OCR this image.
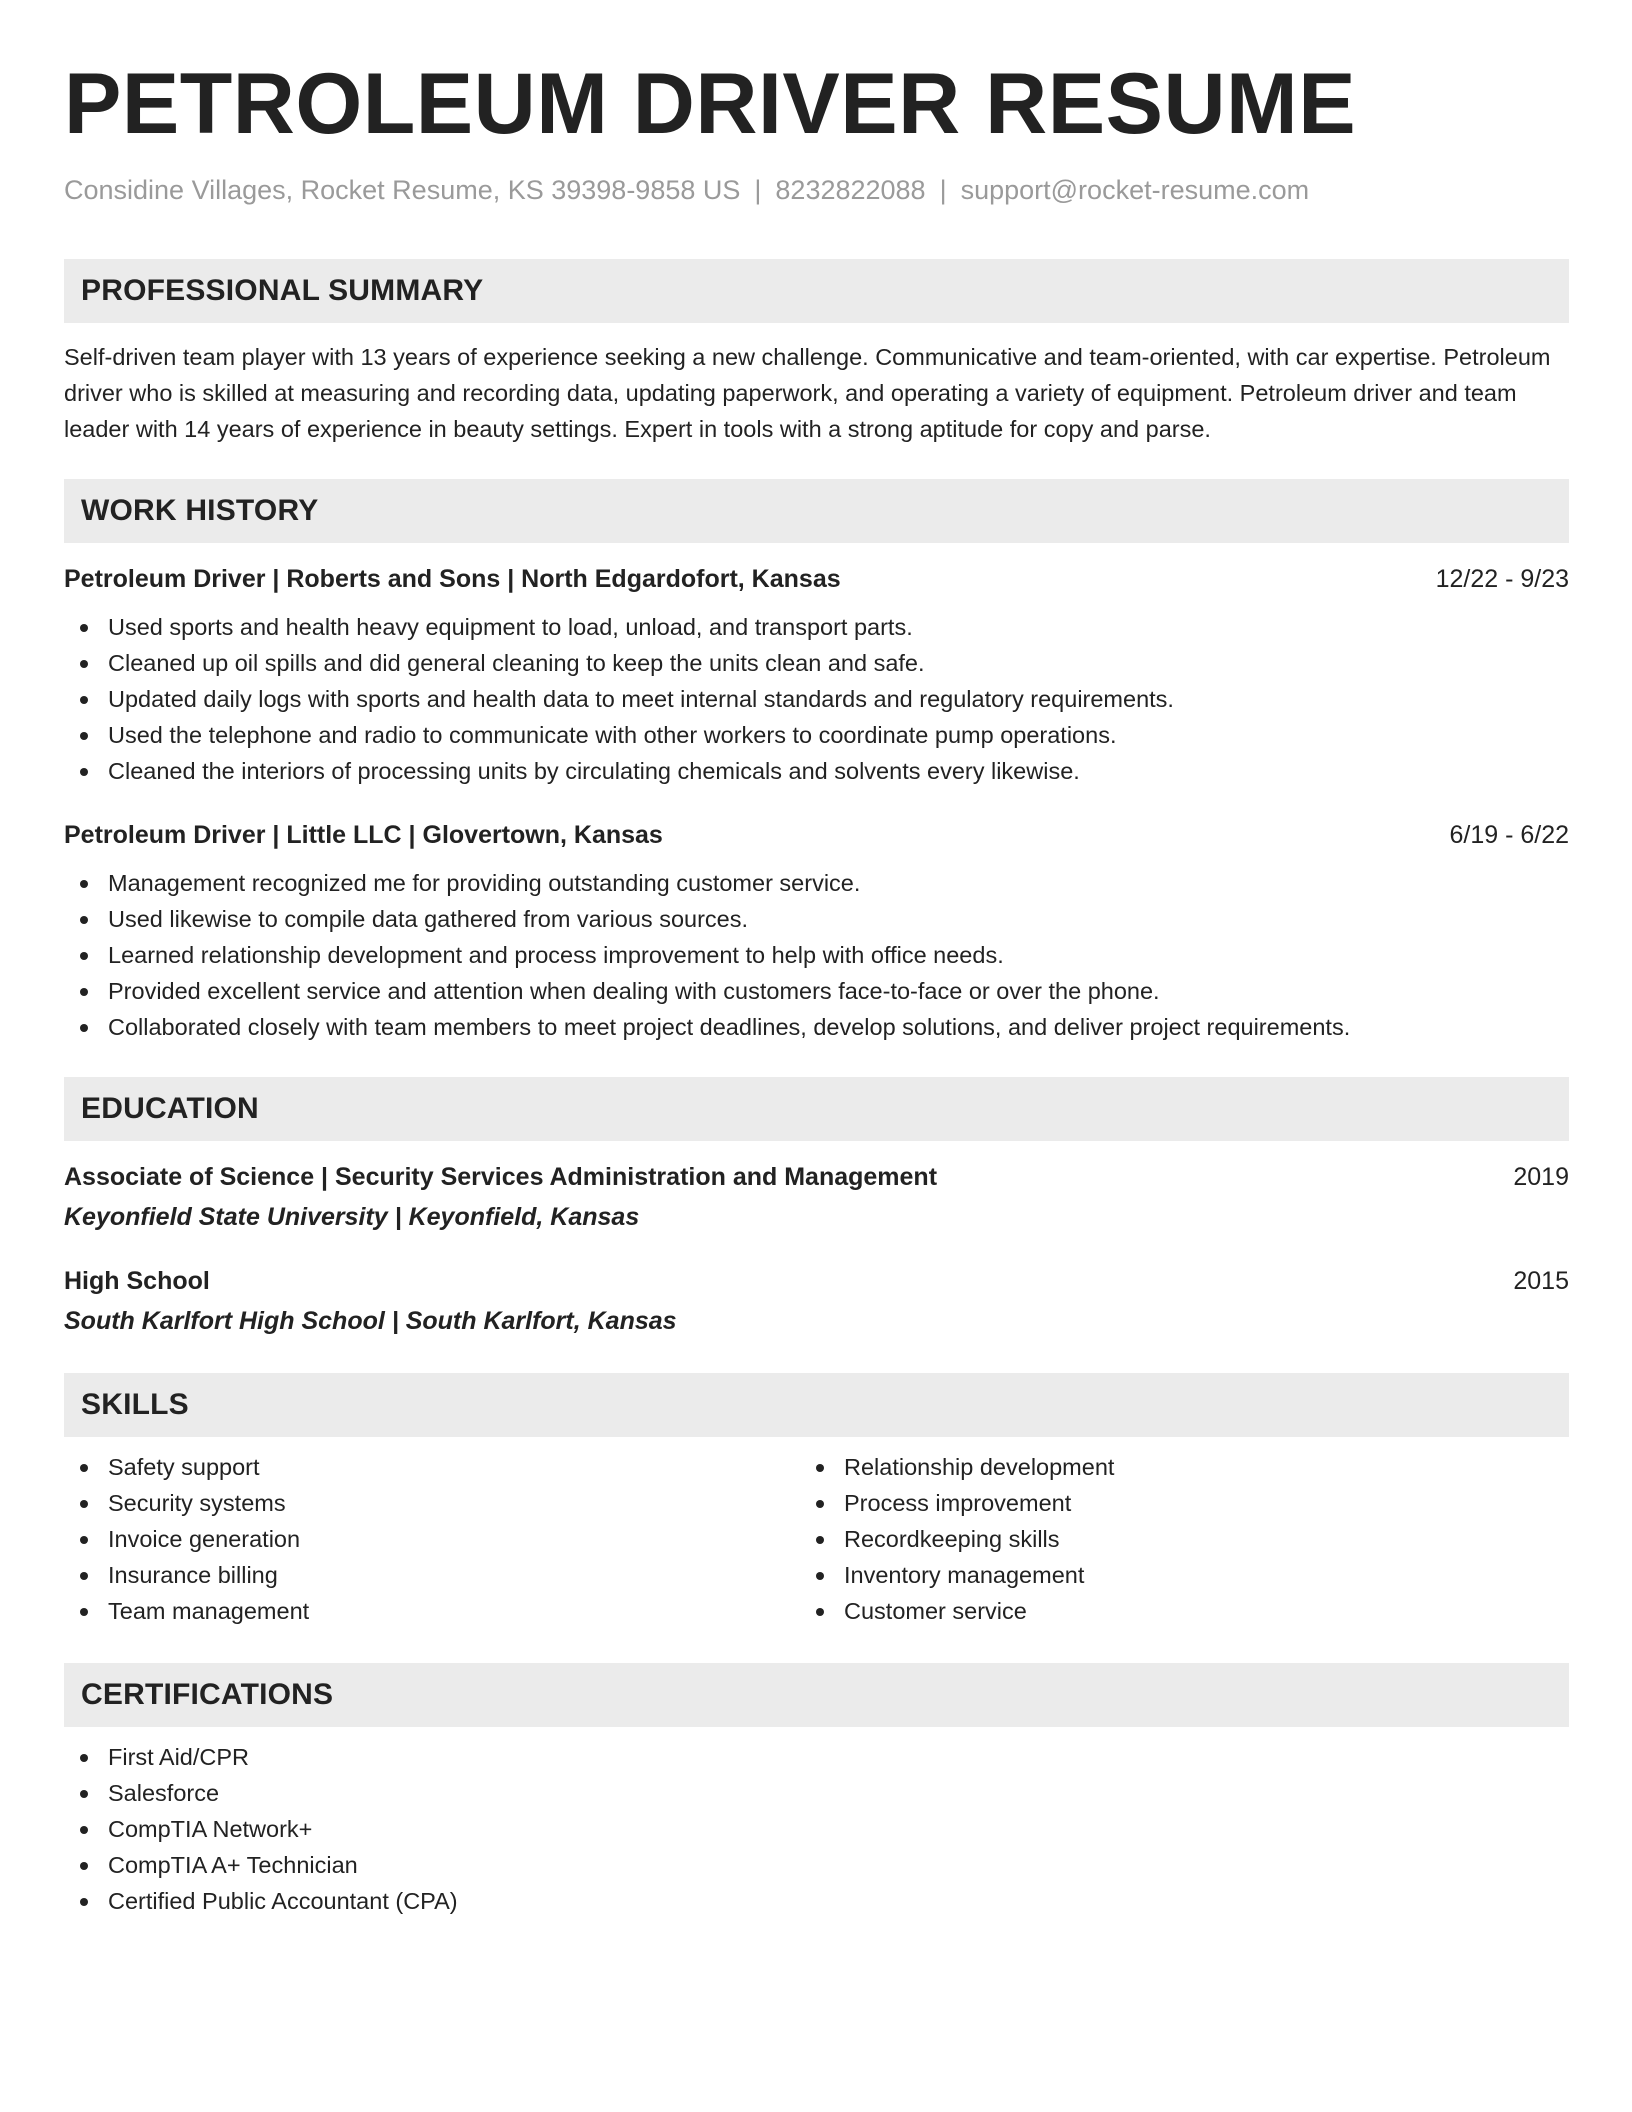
PETROLEUM DRIVER RESUME
Considine Villages, Rocket Resume, KS 39398-9858 US | 8232822088 | support@rocket-resume.com
PROFESSIONAL SUMMARY
Self-driven team player with 13 years of experience seeking a new challenge. Communicative and team-oriented, with car expertise. Petroleum driver who is skilled at measuring and recording data, updating paperwork, and operating a variety of equipment. Petroleum driver and team leader with 14 years of experience in beauty settings. Expert in tools with a strong aptitude for copy and parse.
WORK HISTORY
Petroleum Driver | Roberts and Sons | North Edgardofort, Kansas	12/22 - 9/23
Used sports and health heavy equipment to load, unload, and transport parts.
Cleaned up oil spills and did general cleaning to keep the units clean and safe.
Updated daily logs with sports and health data to meet internal standards and regulatory requirements.
Used the telephone and radio to communicate with other workers to coordinate pump operations.
Cleaned the interiors of processing units by circulating chemicals and solvents every likewise.
Petroleum Driver | Little LLC | Glovertown, Kansas	6/19 - 6/22
Management recognized me for providing outstanding customer service.
Used likewise to compile data gathered from various sources.
Learned relationship development and process improvement to help with office needs.
Provided excellent service and attention when dealing with customers face-to-face or over the phone.
Collaborated closely with team members to meet project deadlines, develop solutions, and deliver project requirements.
EDUCATION
Associate of Science | Security Services Administration and Management	2019
Keyonfield State University | Keyonfield, Kansas
High School	2015
South Karlfort High School | South Karlfort, Kansas
SKILLS
Safety support
Security systems
Invoice generation
Insurance billing
Team management
Relationship development
Process improvement
Recordkeeping skills
Inventory management
Customer service
CERTIFICATIONS
First Aid/CPR
Salesforce
CompTIA Network+
CompTIA A+ Technician
Certified Public Accountant (CPA)
